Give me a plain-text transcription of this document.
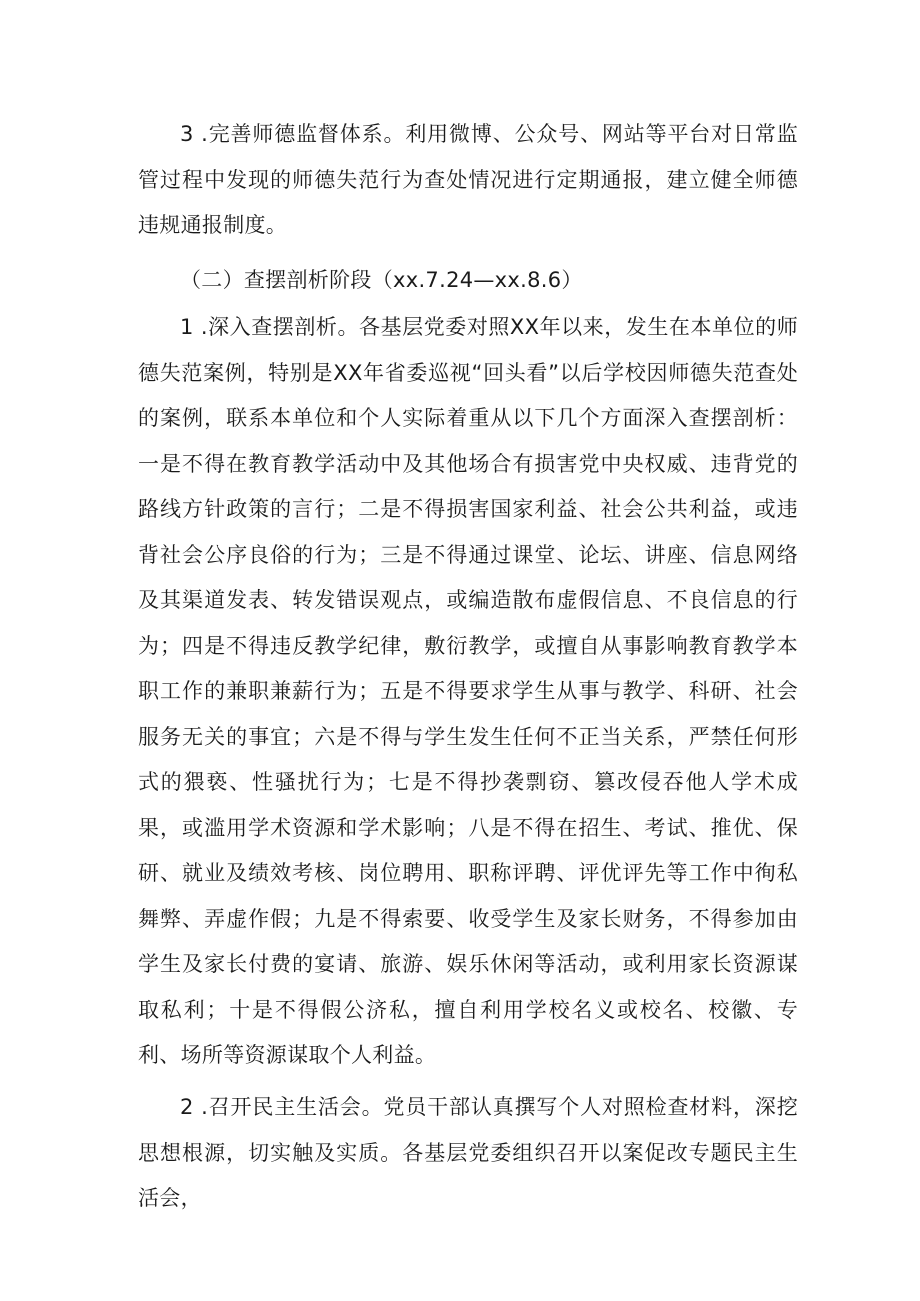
3 .完善师德监督体系。利用微博、公众号、网站等平台对日常监管过程中发现的师德失范行为查处情况进行定期通报，建立健全师德违规通报制度。

（二）查摆剖析阶段（xx.7.24—xx.8.6）

1 .深入查摆剖析。各基层党委对照XX年以来，发生在本单位的师德失范案例，特别是XX年省委巡视“回头看”以后学校因师德失范查处的案例，联系本单位和个人实际着重从以下几个方面深入查摆剖析：一是不得在教育教学活动中及其他场合有损害党中央权威、违背党的路线方针政策的言行；二是不得损害国家利益、社会公共利益，或违背社会公序良俗的行为；三是不得通过课堂、论坛、讲座、信息网络及其渠道发表、转发错误观点，或编造散布虚假信息、不良信息的行为；四是不得违反教学纪律，敷衍教学，或擅自从事影响教育教学本职工作的兼职兼薪行为；五是不得要求学生从事与教学、科研、社会服务无关的事宜；六是不得与学生发生任何不正当关系，严禁任何形式的猥亵、性骚扰行为；七是不得抄袭剽窃、篡改侵吞他人学术成果，或滥用学术资源和学术影响；八是不得在招生、考试、推优、保研、就业及绩效考核、岗位聘用、职称评聘、评优评先等工作中徇私舞弊、弄虚作假；九是不得索要、收受学生及家长财务，不得参加由学生及家长付费的宴请、旅游、娱乐休闲等活动，或利用家长资源谋取私利；十是不得假公济私，擅自利用学校名义或校名、校徽、专利、场所等资源谋取个人利益。

2 .召开民主生活会。党员干部认真撰写个人对照检查材料，深挖思想根源，切实触及实质。各基层党委组织召开以案促改专题民主生活会，
